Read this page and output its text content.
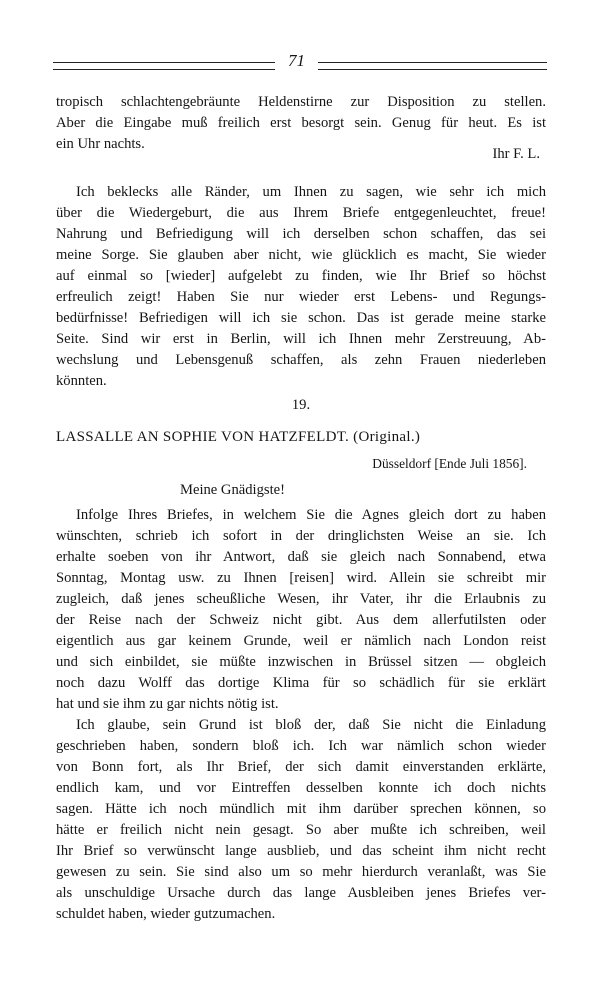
71
tropisch schlachtengebräunte Heldenstirne zur Disposition zu stellen.
Aber die Eingabe muß freilich erst besorgt sein. Genug für heut. Es ist
ein Uhr nachts.
Ihr F. L.
Ich beklecks alle Ränder, um Ihnen zu sagen, wie sehr ich mich
über die Wiedergeburt, die aus Ihrem Briefe entgegenleuchtet, freue!
Nahrung und Befriedigung will ich derselben schon schaffen, das sei
meine Sorge. Sie glauben aber nicht, wie glücklich es macht, Sie wieder
auf einmal so [wieder] aufgelebt zu finden, wie Ihr Brief so höchst
erfreulich zeigt! Haben Sie nur wieder erst Lebens- und Regungs-
bedürfnisse! Befriedigen will ich sie schon. Das ist gerade meine starke
Seite. Sind wir erst in Berlin, will ich Ihnen mehr Zerstreuung, Ab-
wechslung und Lebensgenuß schaffen, als zehn Frauen niederleben
könnten.
19.
LASSALLE AN SOPHIE VON HATZFELDT. (Original.)
Düsseldorf [Ende Juli 1856].
Meine Gnädigste!
Infolge Ihres Briefes, in welchem Sie die Agnes gleich dort zu haben
wünschten, schrieb ich sofort in der dringlichsten Weise an sie. Ich
erhalte soeben von ihr Antwort, daß sie gleich nach Sonnabend, etwa
Sonntag, Montag usw. zu Ihnen [reisen] wird. Allein sie schreibt mir
zugleich, daß jenes scheußliche Wesen, ihr Vater, ihr die Erlaubnis zu
der Reise nach der Schweiz nicht gibt. Aus dem allerfutilsten oder
eigentlich aus gar keinem Grunde, weil er nämlich nach London reist
und sich einbildet, sie müßte inzwischen in Brüssel sitzen — obgleich
noch dazu Wolff das dortige Klima für so schädlich für sie erklärt
hat und sie ihm zu gar nichts nötig ist.
Ich glaube, sein Grund ist bloß der, daß Sie nicht die Einladung
geschrieben haben, sondern bloß ich. Ich war nämlich schon wieder
von Bonn fort, als Ihr Brief, der sich damit einverstanden erklärte,
endlich kam, und vor Eintreffen desselben konnte ich doch nichts
sagen. Hätte ich noch mündlich mit ihm darüber sprechen können, so
hätte er freilich nicht nein gesagt. So aber mußte ich schreiben, weil
Ihr Brief so verwünscht lange ausblieb, und das scheint ihm nicht recht
gewesen zu sein. Sie sind also um so mehr hierdurch veranlaßt, was Sie
als unschuldige Ursache durch das lange Ausbleiben jenes Briefes ver-
schuldet haben, wieder gutzumachen.
